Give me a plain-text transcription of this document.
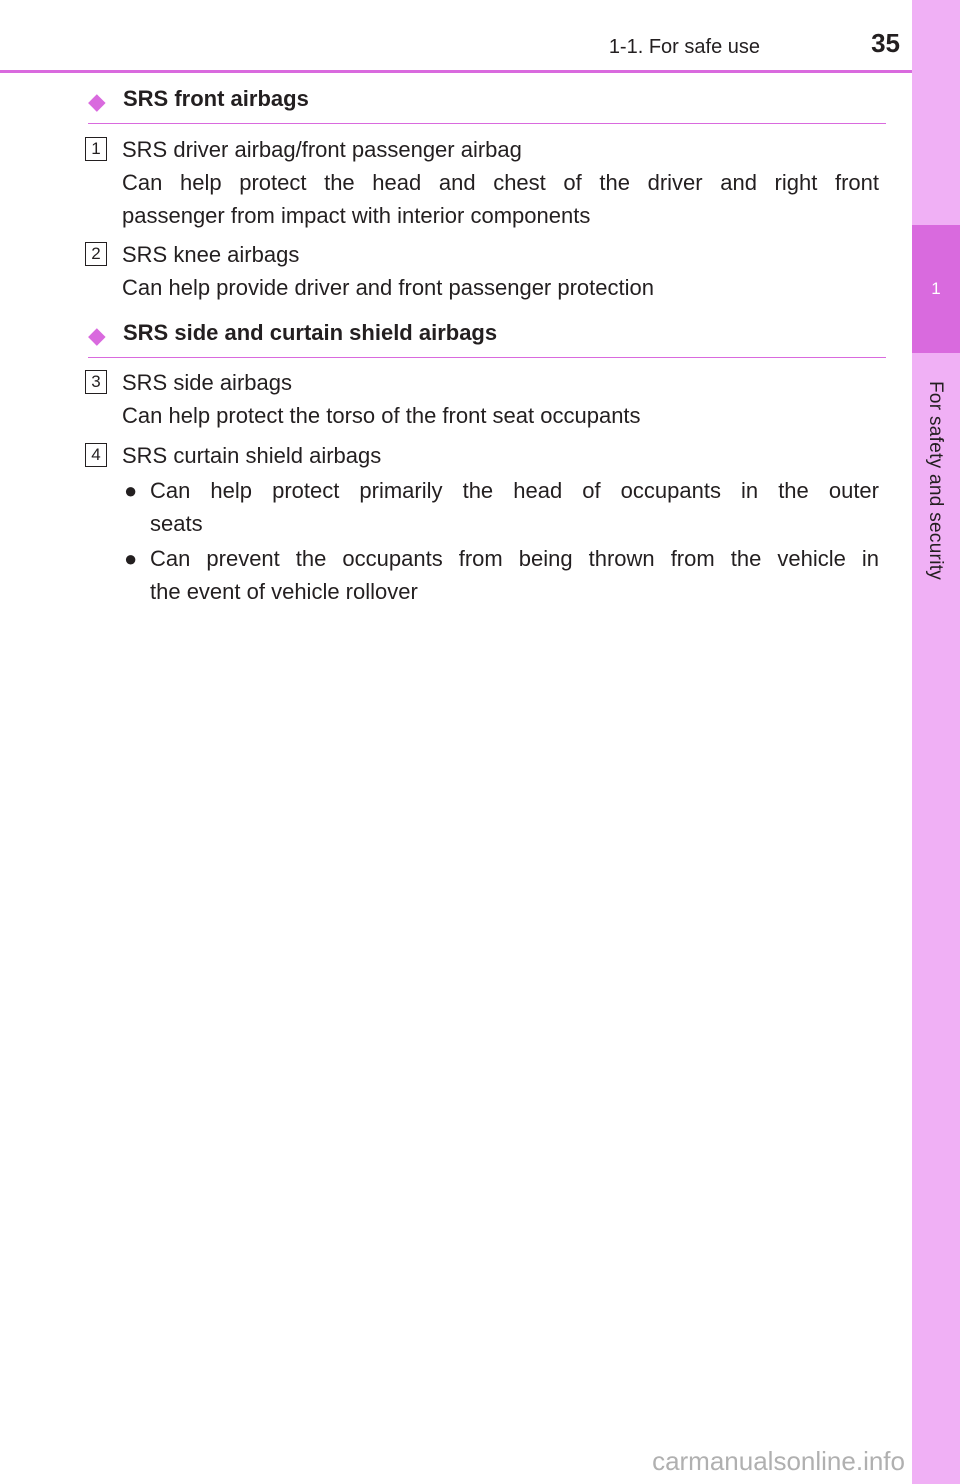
1-1. For safe use	35
1
For safety and security
◆ SRS front airbags
1 SRS driver airbag/front passenger airbag
Can help protect the head and chest of the driver and right front
passenger from impact with interior components
2 SRS knee airbags
Can help provide driver and front passenger protection
◆ SRS side and curtain shield airbags
3 SRS side airbags
Can help protect the torso of the front seat occupants
4 SRS curtain shield airbags
● Can help protect primarily the head of occupants in the outer
seats
● Can prevent the occupants from being thrown from the vehicle in
the event of vehicle rollover
carmanualsonline.info
